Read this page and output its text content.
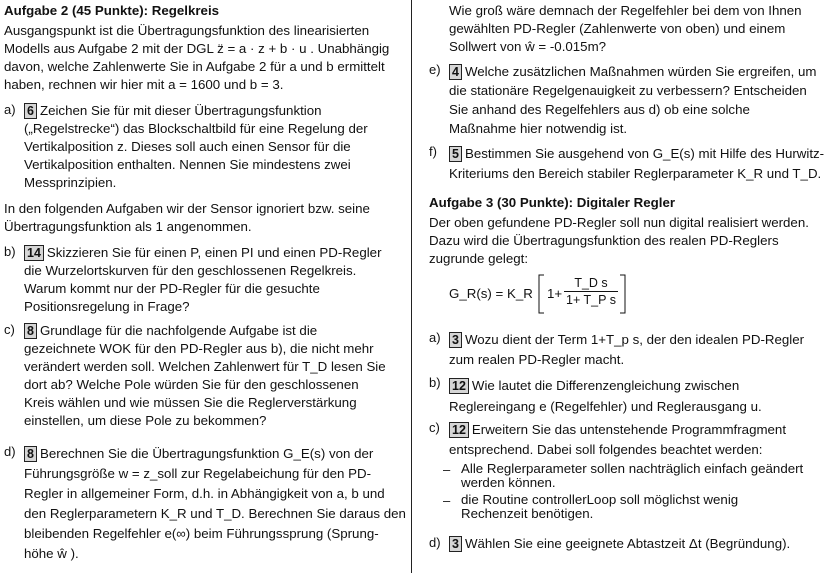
Aufgabe 2 (45 Punkte): Regelkreis
Ausgangspunkt ist die Übertragungsfunktion des linearisierten
Modells aus Aufgabe 2 mit der DGL z̈ = a · z + b · u . Unabhängig
davon, welche Zahlenwerte Sie in Aufgabe 2 für a und b ermittelt
haben, rechnen wir hier mit a = 1600 und b = 3.
a) 6 Zeichen Sie für mit dieser Übertragungsfunktion
(„Regelstrecke“) das Blockschaltbild für eine Regelung der
Vertikalposition z. Dieses soll auch einen Sensor für die
Vertikalposition enthalten. Nennen Sie mindestens zwei
Messprinzipien.
In den folgenden Aufgaben wir der Sensor ignoriert bzw. seine
Übertragungsfunktion als 1 angenommen.
b) 14 Skizzieren Sie für einen P, einen PI und einen PD-Regler
die Wurzelortskurven für den geschlossenen Regelkreis.
Warum kommt nur der PD-Regler für die gesuchte
Positionsregelung in Frage?
c) 8 Grundlage für die nachfolgende Aufgabe ist die
gezeichnete WOK für den PD-Regler aus b), die nicht mehr
verändert werden soll. Welchen Zahlenwert für T_D lesen Sie
dort ab? Welche Pole würden Sie für den geschlossenen
Kreis wählen und wie müssen Sie die Reglerverstärkung
einstellen, um diese Pole zu bekommen?
d) 8 Berechnen Sie die Übertragungsfunktion G_E(s) von der
Führungsgröße w = z_soll zur Regelabeichung für den PD-
Regler in allgemeiner Form, d.h. in Abhängigkeit von a, b und
den Reglerparametern K_R und T_D. Berechnen Sie daraus den
bleibenden Regelfehler e(∞) beim Führungssprung (Sprung-
höhe ŵ ).
Wie groß wäre demnach der Regelfehler bei dem von Ihnen
gewählten PD-Regler (Zahlenwerte von oben) und einem
Sollwert von ŵ = -0.015m?
e) 4 Welche zusätzlichen Maßnahmen würden Sie ergreifen, um
die stationäre Regelgenauigkeit zu verbessern? Entscheiden
Sie anhand des Regelfehlers aus d) ob eine solche
Maßnahme hier notwendig ist.
f)	5 Bestimmen Sie ausgehend von G_E(s) mit Hilfe des Hurwitz-
Kriteriums den Bereich stabiler Reglerparameter K_R und T_D.
Aufgabe 3 (30 Punkte): Digitaler Regler
Der oben gefundene PD-Regler soll nun digital realisiert werden.
Dazu wird die Übertragungsfunktion des realen PD-Reglers
zugrunde gelegt:
G_R(s) = K_R 1+
T_D s
1+ T_P s
a) 3 Wozu dient der Term 1+T_p s, der den idealen PD-Regler
zum realen PD-Regler macht.
b) 12 Wie lautet die Differenzengleichung zwischen
Reglereingang e (Regelfehler) und Reglerausgang u.
c) 12 Erweitern Sie das untenstehende Programmfragment
entsprechend. Dabei soll folgendes beachtet werden:
– Alle Reglerparameter sollen nachträglich einfach geändert
werden können.
– die Routine controllerLoop soll möglichst wenig
Rechenzeit benötigen.
d) 3 Wählen Sie eine geeignete Abtastzeit Δt (Begründung).
